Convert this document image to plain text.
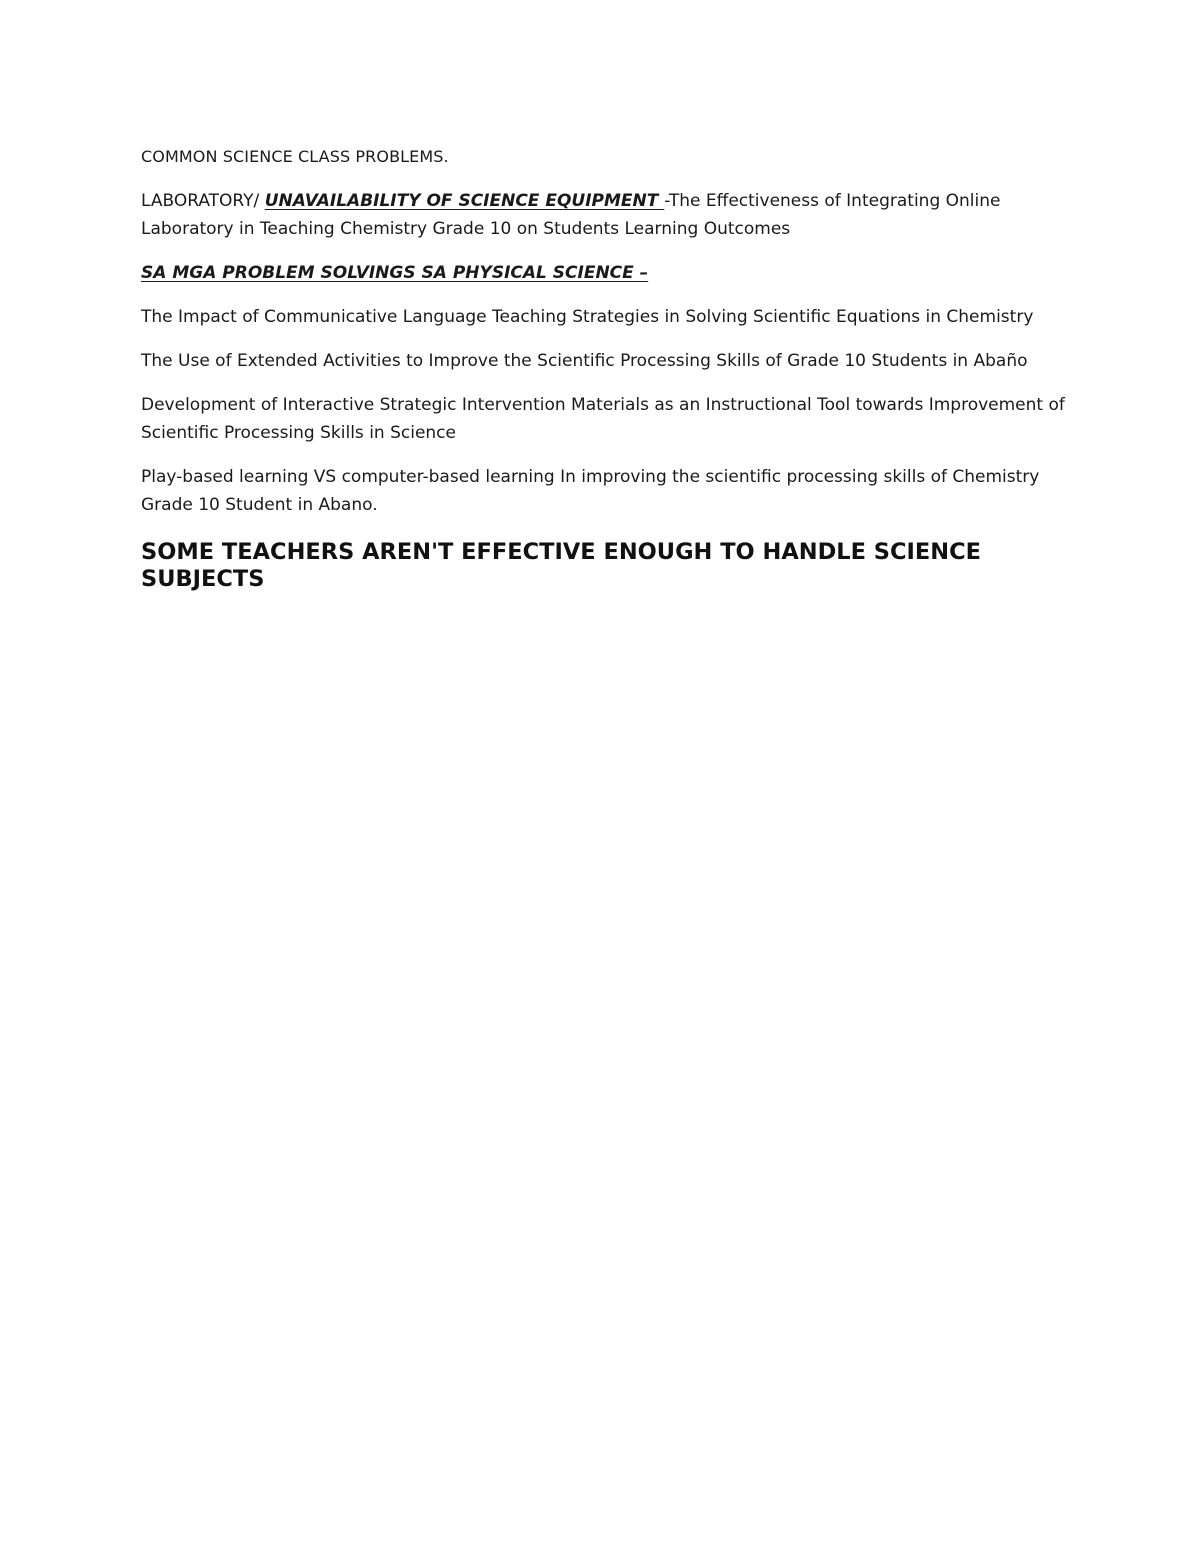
COMMON SCIENCE CLASS PROBLEMS.

LABORATORY/ UNAVAILABILITY OF SCIENCE EQUIPMENT -The Effectiveness of Integrating Online
Laboratory in Teaching Chemistry Grade 10 on Students Learning Outcomes

SA MGA PROBLEM SOLVINGS SA PHYSICAL SCIENCE –

The Impact of Communicative Language Teaching Strategies in Solving Scientific Equations in Chemistry

The Use of Extended Activities to Improve the Scientific Processing Skills of Grade 10 Students in Abaño

Development of Interactive Strategic Intervention Materials as an Instructional Tool towards Improvement of Scientific Processing Skills in Science

Play-based learning VS computer-based learning In improving the scientific processing skills of Chemistry Grade 10 Student in Abano.

SOME TEACHERS AREN'T EFFECTIVE ENOUGH TO HANDLE SCIENCE SUBJECTS
